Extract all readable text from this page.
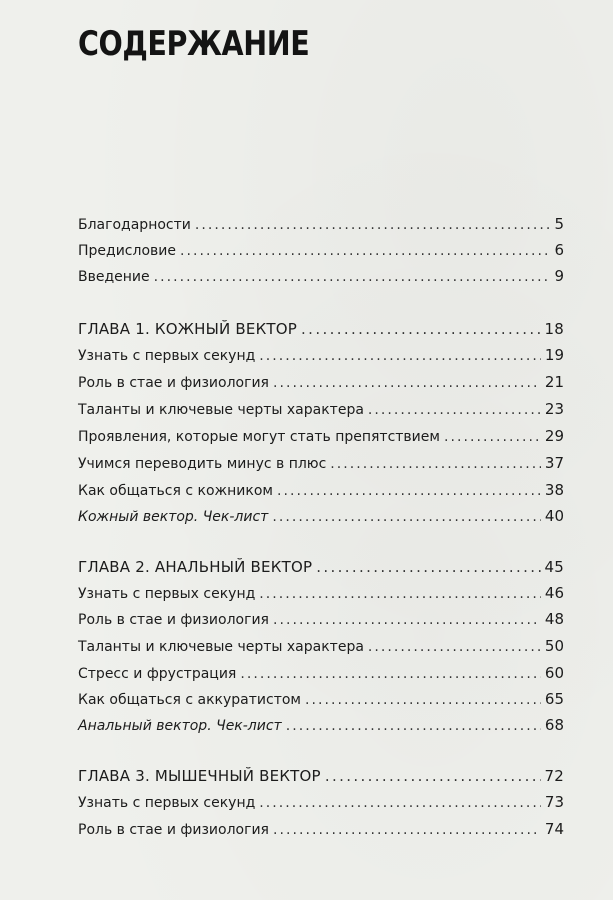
СОДЕРЖАНИЕ
Благодарности . . .	5
Предисловие . . .	6
Введение . . .	9
ГЛАВА 1. КОЖНЫЙ ВЕКТОР . . .	18
Узнать с первых секунд . . .	19
Роль в стае и физиология . . .	21
Таланты и ключевые черты характера . . .	23
Проявления, которые могут стать препятствием . . .	29
Учимся переводить минус в плюс . . .	37
Как общаться с кожником . . .	38
Кожный вектор. Чек-лист . . .	40
ГЛАВА 2. АНАЛЬНЫЙ ВЕКТОР . . .	45
Узнать с первых секунд . . .	46
Роль в стае и физиология . . .	48
Таланты и ключевые черты характера . . .	50
Стресс и фрустрация . . .	60
Как общаться с аккуратистом . . .	65
Анальный вектор. Чек-лист . . .	68
ГЛАВА 3. МЫШЕЧНЫЙ ВЕКТОР . . .	72
Узнать с первых секунд . . .	73
Роль в стае и физиология . . .	74
